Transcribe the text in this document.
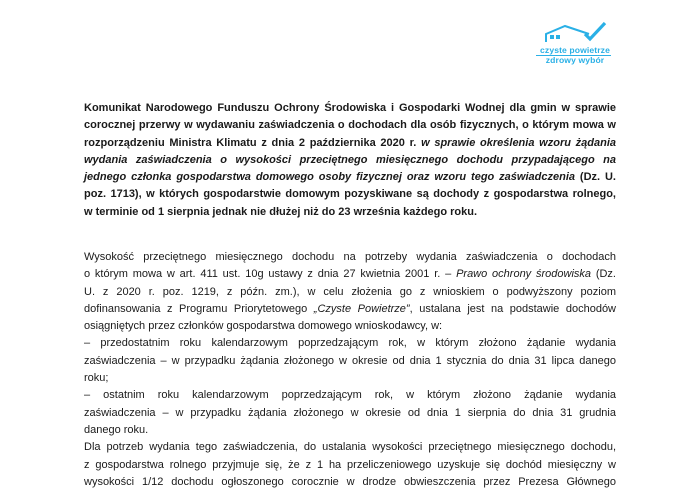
czyste powietrze
zdrowy wybór
Komunikat Narodowego Funduszu Ochrony Środowiska i Gospodarki Wodnej dla gmin w sprawie
corocznej przerwy w wydawaniu zaświadczenia o dochodach dla osób fizycznych, o którym mowa w
rozporządzeniu Ministra Klimatu z dnia 2 października 2020 r. w sprawie określenia wzoru żądania
wydania zaświadczenia o wysokości przeciętnego miesięcznego dochodu przypadającego na
jednego członka gospodarstwa domowego osoby fizycznej oraz wzoru tego zaświadczenia (Dz. U.
poz. 1713), w których gospodarstwie domowym pozyskiwane są dochody z gospodarstwa rolnego,
w terminie od 1 sierpnia jednak nie dłużej niż do 23 września każdego roku.
Wysokość przeciętnego miesięcznego dochodu na potrzeby wydania zaświadczenia o dochodach
o którym mowa w art. 411 ust. 10g ustawy z dnia 27 kwietnia 2001 r. – Prawo ochrony środowiska (Dz.
U. z 2020 r. poz. 1219, z późn. zm.), w celu złożenia go z wnioskiem o podwyższony poziom
dofinansowania z Programu Priorytetowego „Czyste Powietrze”, ustalana jest na podstawie dochodów
osiągniętych przez członków gospodarstwa domowego wnioskodawcy, w:
– przedostatnim roku kalendarzowym poprzedzającym rok, w którym złożono żądanie wydania
zaświadczenia – w przypadku żądania złożonego w okresie od dnia 1 stycznia do dnia 31 lipca danego
roku;
– ostatnim roku kalendarzowym poprzedzającym rok, w którym złożono żądanie wydania
zaświadczenia – w przypadku żądania złożonego w okresie od dnia 1 sierpnia do dnia 31 grudnia
danego roku.
Dla potrzeb wydania tego zaświadczenia, do ustalania wysokości przeciętnego miesięcznego dochodu,
z gospodarstwa rolnego przyjmuje się, że z 1 ha przeliczeniowego uzyskuje się dochód miesięczny w
wysokości 1/12 dochodu ogłoszonego corocznie w drodze obwieszczenia przez Prezesa Głównego
